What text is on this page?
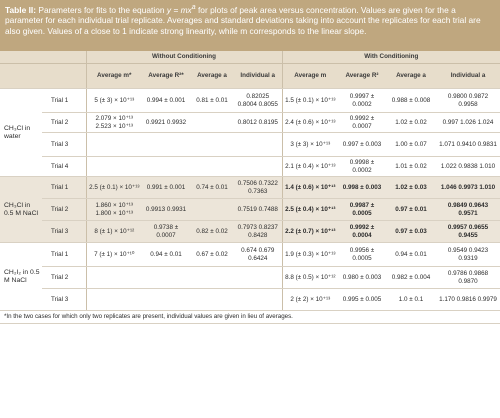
Table II: Parameters for fits to the equation $y = mx^a$ for plots of peak area versus concentration. Values are given for the a parameter for each individual trial replicate. Averages and standard deviations taking into account the replicates for each trial are also given. Values of a close to 1 indicate strong linearity, while m corresponds to the linear slope.
		Without Conditioning				With Conditioning			
		Average m*	Average R²*	Average a	Individual a	Average m	Average R²	Average a	Individual a
CH₃Cl in water	Trial 1	5 (± 3) × 10⁺¹³	0.994 ± 0.001	0.81 ± 0.01	0.82025 0.8004 0.8055	1.5 (± 0.1) × 10⁺¹³	0.9997 ± 0.0002	0.988 ± 0.008	0.9800 0.9872 0.9958
	Trial 2	2.079 × 10⁺¹³ 2.523 × 10⁺¹³	0.9921 0.9932		0.8012 0.8195	2.4 (± 0.6) × 10⁺¹³	0.9992 ± 0.0007	1.02 ± 0.02	0.997 1.026 1.024
	Trial 3					3 (± 3) × 10⁺¹³	0.997 ± 0.003	1.00 ± 0.07	1.071 0.9410 0.9831
	Trial 4					2.1 (± 0.4) × 10⁺¹³	0.9998 ± 0.0002	1.01 ± 0.02	1.022 0.9838 1.010
CH₃Cl in 0.5 M NaCl	Trial 1	2.5 (± 0.1) × 10⁺¹³	0.991 ± 0.001	0.74 ± 0.01	0.7506 0.7322 0.7363	1.4 (± 0.6) × 10⁺¹³	0.998 ± 0.003	1.02 ± 0.03	1.046 0.9973 1.010
	Trial 2	1.860 × 10⁺¹³ 1.800 × 10⁺¹³	0.9913 0.9931		0.7519 0.7488	2.5 (± 0.4) × 10⁺¹³	0.9987 ± 0.0005	0.97 ± 0.01	0.9849 0.9643 0.9571
	Trial 3	8 (± 1) × 10⁺¹²	0.9738 ± 0.0007	0.82 ± 0.02	0.7973 0.8237 0.8428	2.2 (± 0.7) × 10⁺¹³	0.9992 ± 0.0004	0.97 ± 0.03	0.9957 0.9655 0.9455
CH₂I₂ in 0.5 M NaCl	Trial 1	7 (± 1) × 10⁺¹⁰	0.94 ± 0.01	0.67 ± 0.02	0.674 0.679 0.6424	1.9 (± 0.3) × 10⁺¹³	0.9956 ± 0.0005	0.94 ± 0.01	0.9549 0.9423 0.9319
	Trial 2					8.8 (± 0.5) × 10⁺¹²	0.980 ± 0.003	0.982 ± 0.004	0.9786 0.9868 0.9870
	Trial 3					2 (± 2) × 10⁺¹³	0.995 ± 0.005	1.0 ± 0.1	1.170 0.9816 0.9979
*In the two cases for which only two replicates are present, individual values are given in lieu of averages.									
